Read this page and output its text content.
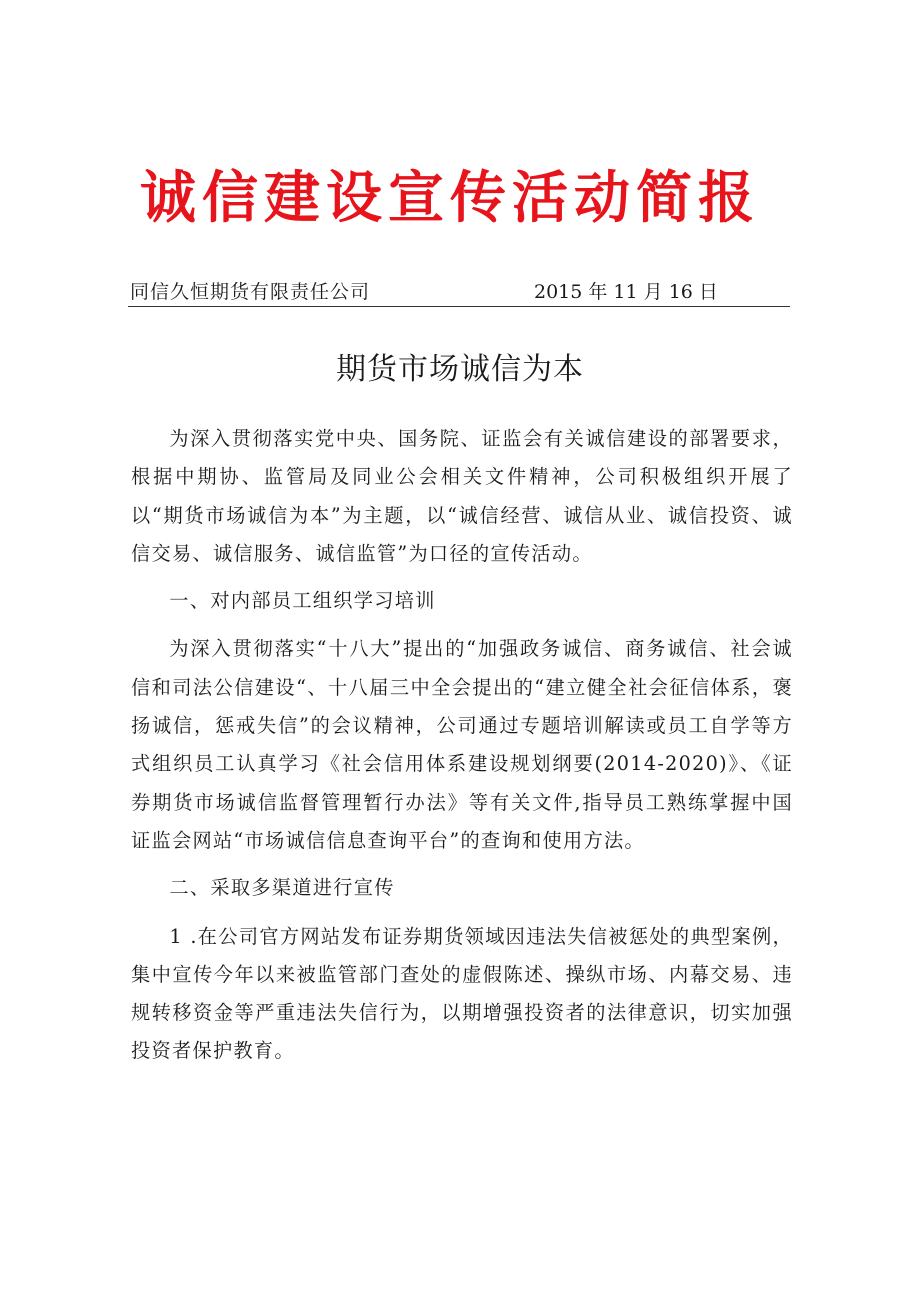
诚信建设宣传活动简报
同信久恒期货有限责任公司	2015 年 11 月 16 日
期货市场诚信为本

为深入贯彻落实党中央、国务院、证监会有关诚信建设的部署要求，根据中期协、监管局及同业公会相关文件精神，公司积极组织开展了以“期货市场诚信为本”为主题，以“诚信经营、诚信从业、诚信投资、诚信交易、诚信服务、诚信监管”为口径的宣传活动。

一、对内部员工组织学习培训

为深入贯彻落实“十八大”提出的“加强政务诚信、商务诚信、社会诚信和司法公信建设“、十八届三中全会提出的“建立健全社会征信体系，褒扬诚信，惩戒失信”的会议精神，公司通过专题培训解读或员工自学等方式组织员工认真学习《社会信用体系建设规划纲要(2014-2020)》、《证券期货市场诚信监督管理暂行办法》等有关文件,指导员工熟练掌握中国证监会网站“市场诚信信息查询平台”的查询和使用方法。

二、采取多渠道进行宣传

1 .在公司官方网站发布证券期货领域因违法失信被惩处的典型案例，集中宣传今年以来被监管部门查处的虚假陈述、操纵市场、内幕交易、违规转移资金等严重违法失信行为，以期增强投资者的法律意识，切实加强投资者保护教育。
